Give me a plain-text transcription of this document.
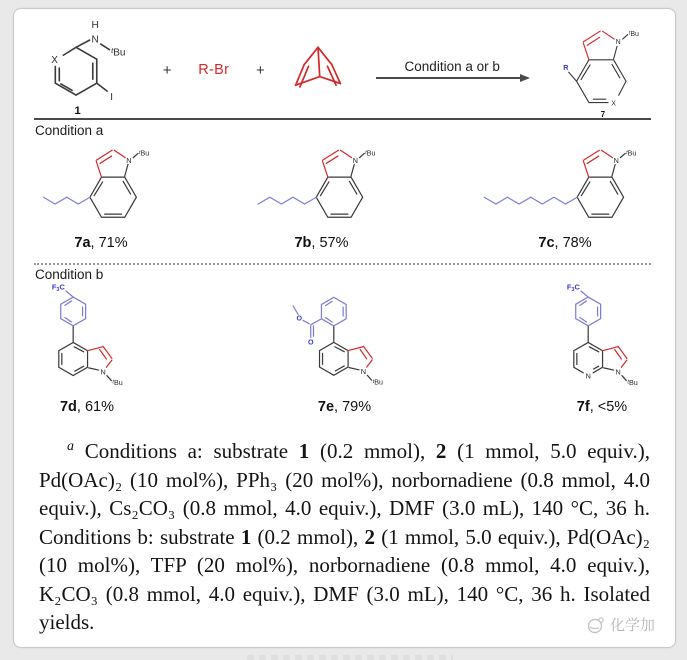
X
H
N
$^t$Bu
I
1
+ R-Br +	Condition a or b
N
$^t$Bu
X
R
7
Condition a
N
$^t$Bu
7a, 71%
N
$^t$Bu
7b, 57%
N
$^t$Bu
7c, 78%
Condition b
N
$^t$Bu
$F_3C$
7d, 61%
N
$^t$Bu
O
O
7e, 79%
N N
$^t$Bu
$F_3C$
7f, <5%

$^a$ Conditions a: substrate 1 (0.2 mmol), 2 (1 mmol, 5.0 equiv.), Pd(OAc)₂ (10 mol%), PPh₃ (20 mol%), norbornadiene (0.8 mmol, 4.0 equiv.), Cs₂CO₃ (0.8 mmol, 4.0 equiv.), DMF (3.0 mL), 140 °C, 36 h. Conditions b: substrate 1 (0.2 mmol), 2 (1 mmol, 5.0 equiv.), Pd(OAc)₂ (10 mol%), TFP (20 mol%), norbornadiene (0.8 mmol, 4.0 equiv.), K₂CO₃ (0.8 mmol, 4.0 equiv.), DMF (3.0 mL), 140 °C, 36 h. Isolated yields.	化学加
